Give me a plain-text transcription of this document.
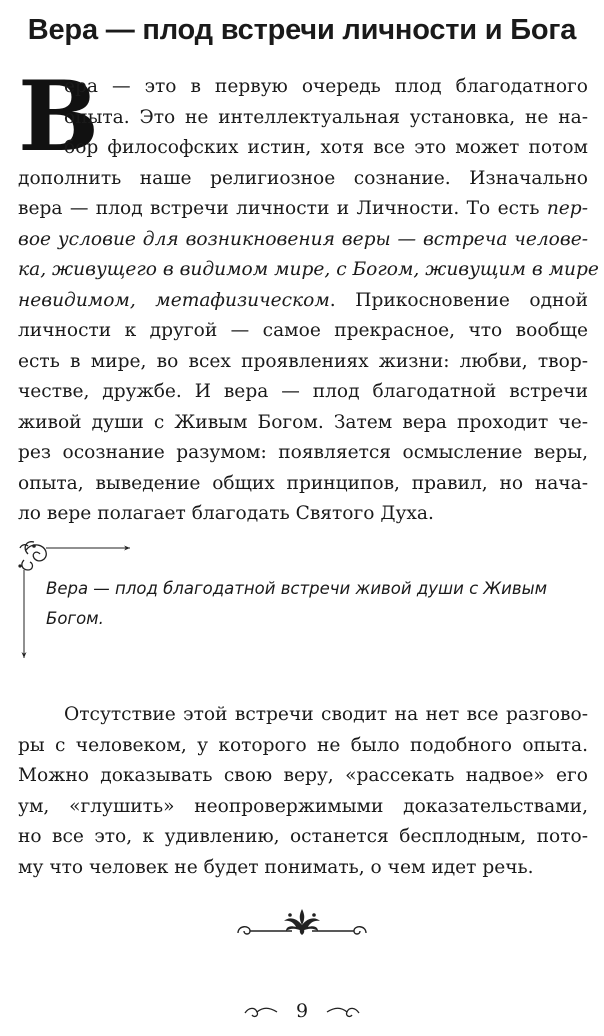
Вера — плод встречи личности и Бога
В
ера — это в первую очередь плод благодатного
опыта. Это не интеллектуальная установка, не на-
бор философских истин, хотя все это может потом
дополнить наше религиозное сознание. Изначально
вера — плод встречи личности и Личности. То есть пер-
вое условие для возникновения веры — встреча челове-
ка, живущего в видимом мире, с Богом, живущим в мире
невидимом, метафизическом. Прикосновение одной
личности к другой — самое прекрасное, что вообще
есть в мире, во всех проявлениях жизни: любви, твор-
честве, дружбе. И вера — плод благодатной встречи
живой души с Живым Богом. Затем вера проходит че-
рез осознание разумом: появляется осмысление веры,
опыта, выведение общих принципов, правил, но нача-
ло вере полагает благодать Святого Духа.
Вера — плод благодатной встречи живой души с Живым
Богом.
Отсутствие этой встречи сводит на нет все разгово-
ры с человеком, у которого не было подобного опыта.
Можно доказывать свою веру, «рассекать надвое» его
ум, «глушить» неопровержимыми доказательствами,
но все это, к удивлению, останется бесплодным, пото-
му что человек не будет понимать, о чем идет речь.
9
